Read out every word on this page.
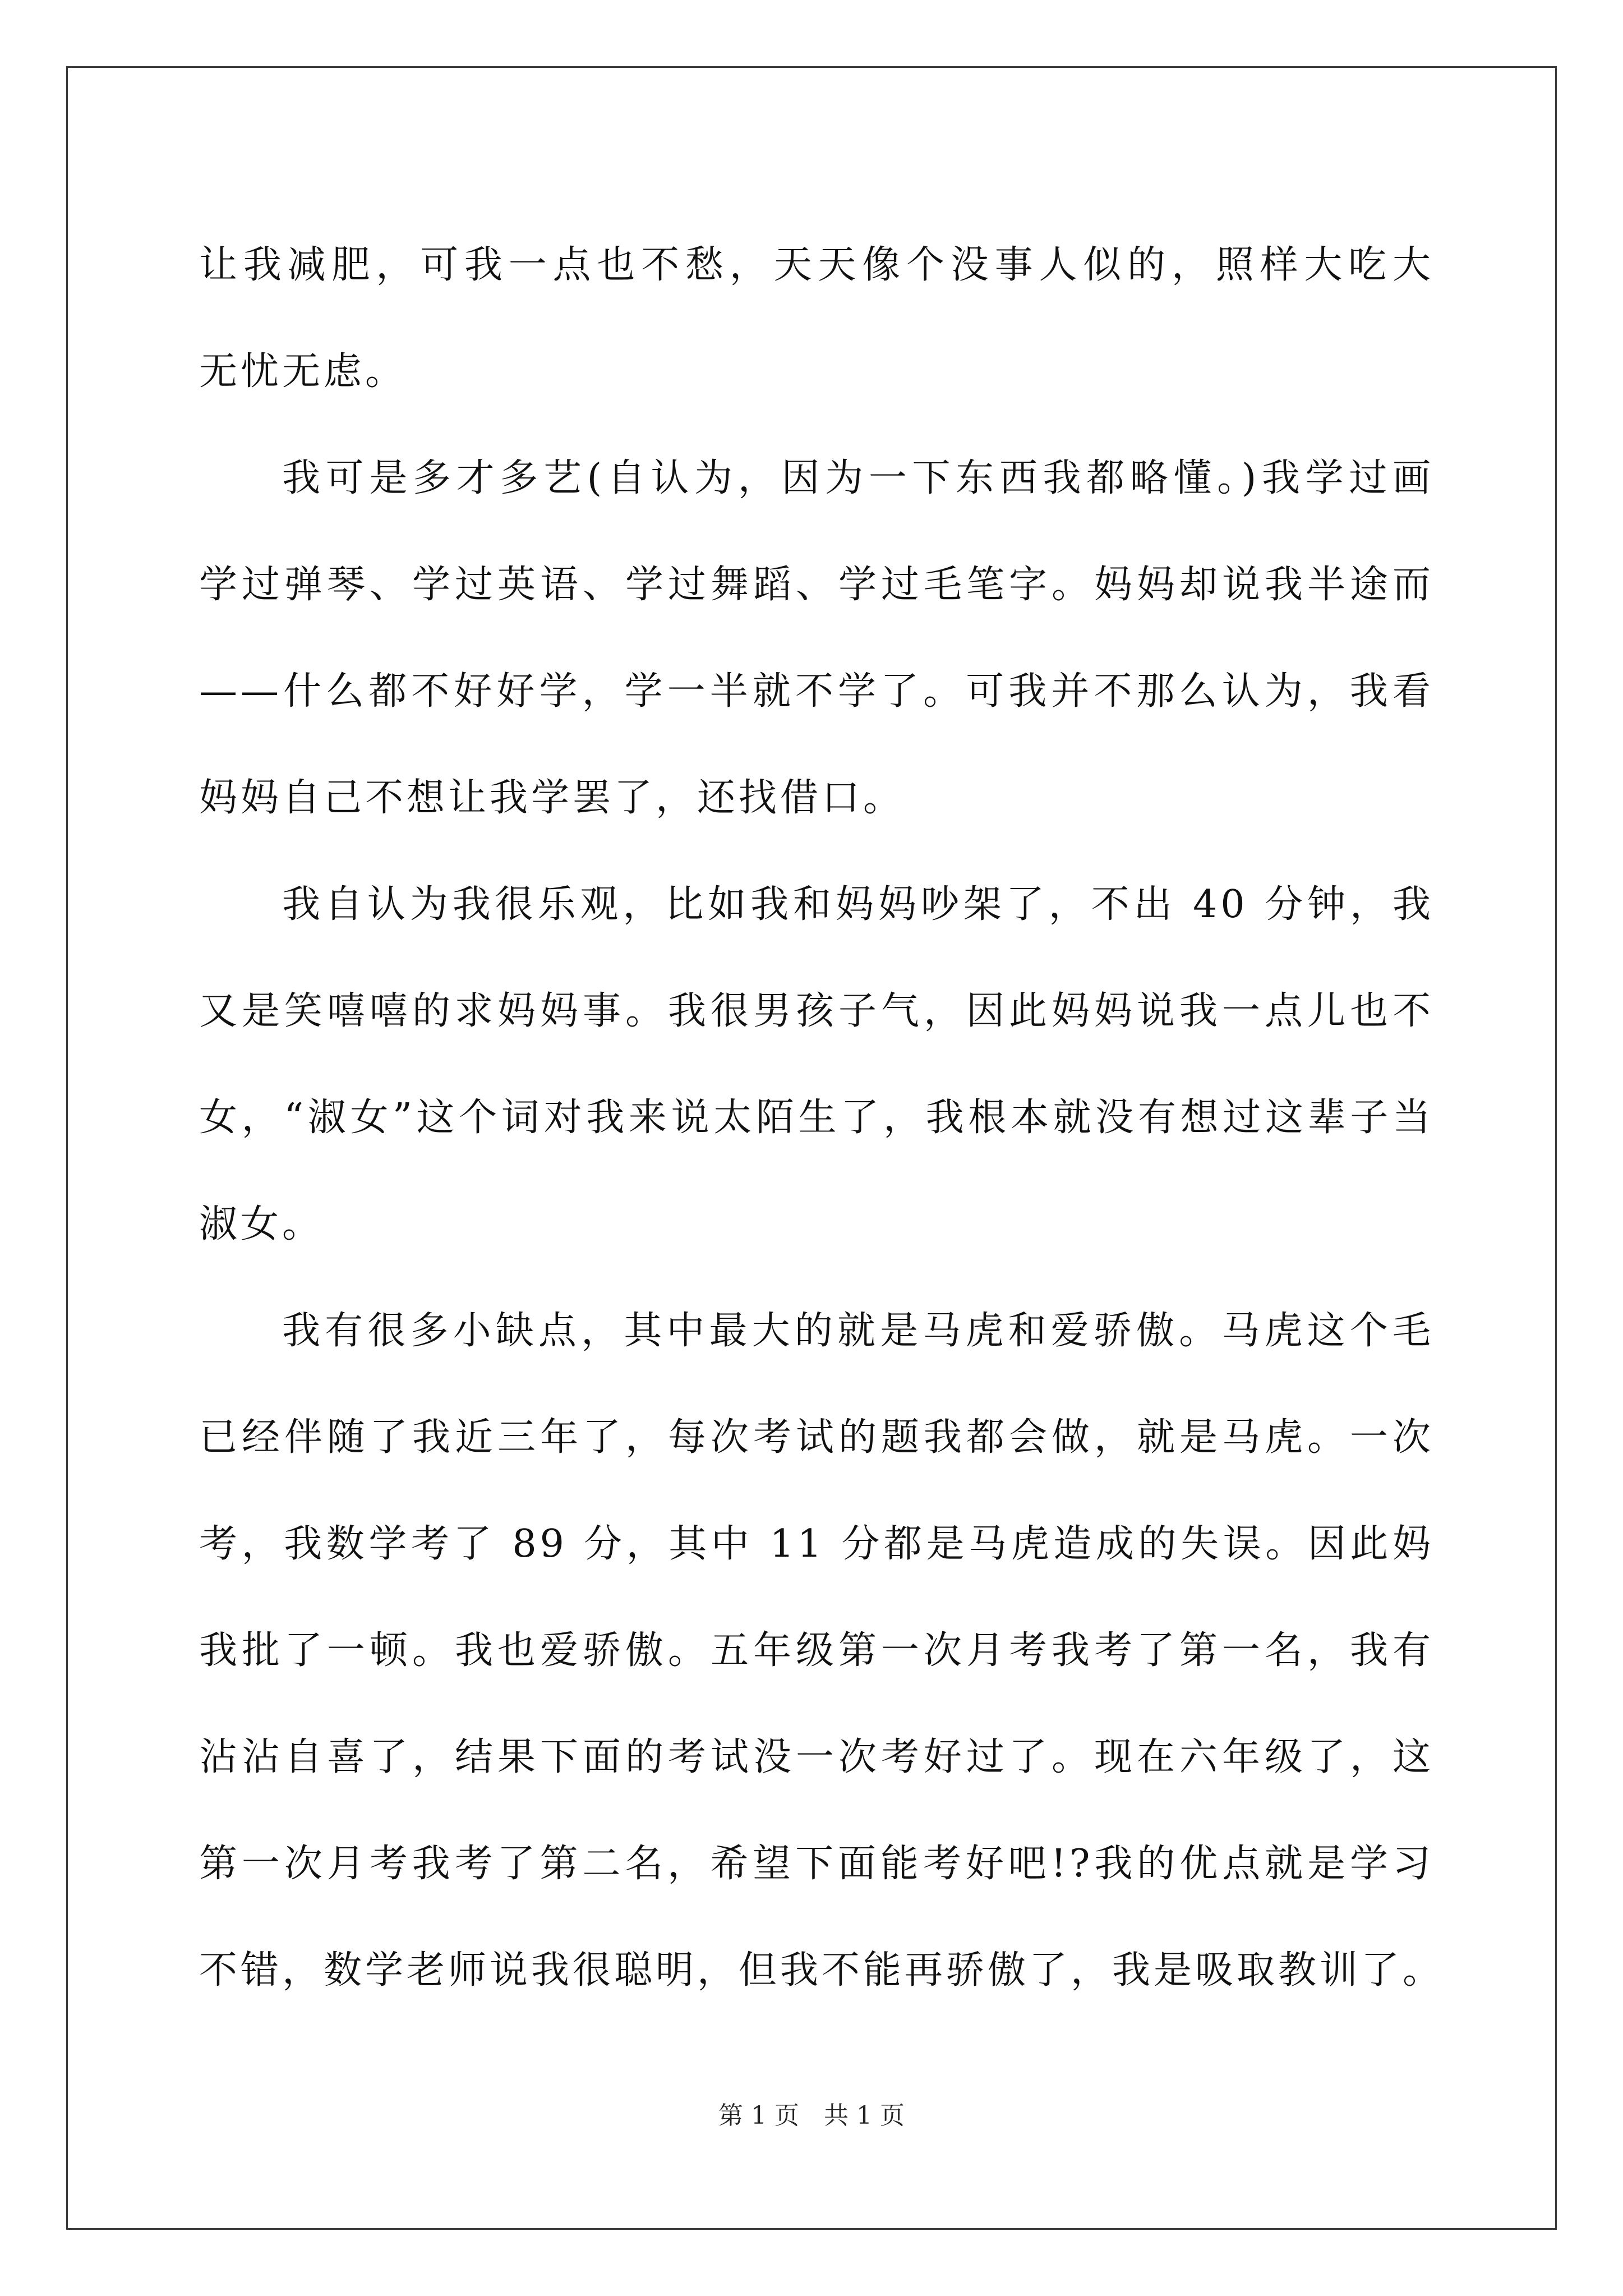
让我减肥，可我一点也不愁，天天像个没事人似的，照样大吃大
无忧无虑。
我可是多才多艺(自认为，因为一下东西我都略懂。)我学过画
学过弹琴、学过英语、学过舞蹈、学过毛笔字。妈妈却说我半途而
——什么都不好好学，学一半就不学了。可我并不那么认为，我看
妈妈自己不想让我学罢了，还找借口。
我自认为我很乐观，比如我和妈妈吵架了，不出 40 分钟，我
又是笑嘻嘻的求妈妈事。我很男孩子气，因此妈妈说我一点儿也不
女，“淑女”这个词对我来说太陌生了，我根本就没有想过这辈子当
淑女。
我有很多小缺点，其中最大的就是马虎和爱骄傲。马虎这个毛
已经伴随了我近三年了，每次考试的题我都会做，就是马虎。一次
考，我数学考了 89 分，其中 11 分都是马虎造成的失误。因此妈
我批了一顿。我也爱骄傲。五年级第一次月考我考了第一名，我有
沾沾自喜了，结果下面的考试没一次考好过了。现在六年级了，这
第一次月考我考了第二名，希望下面能考好吧!?我的优点就是学习
不错，数学老师说我很聪明，但我不能再骄傲了，我是吸取教训了。
第 1 页　共 1 页
